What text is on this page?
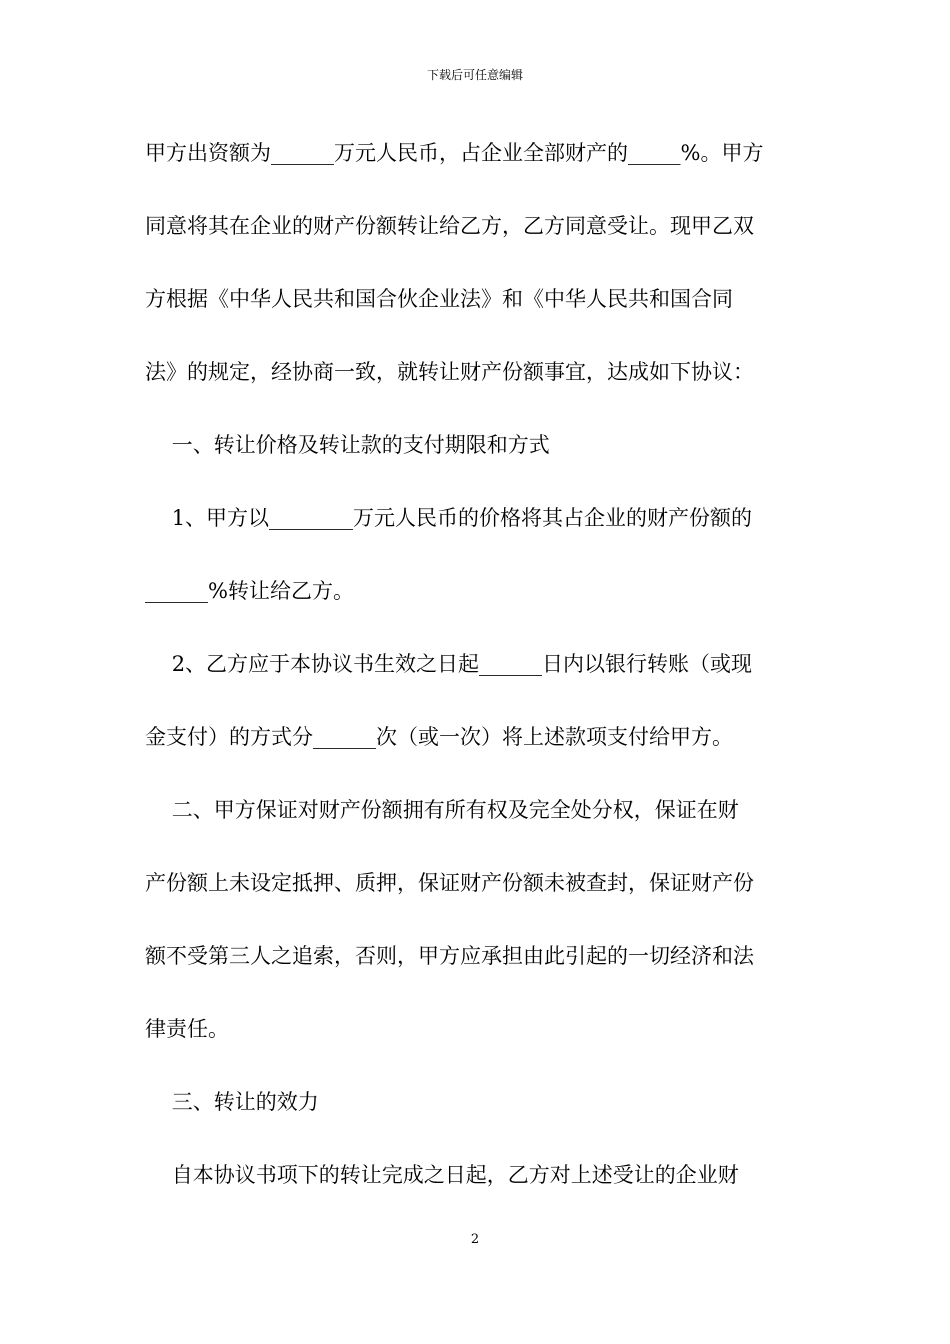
下载后可任意编辑
甲方出资额为______万元人民币，占企业全部财产的_____%。甲方
同意将其在企业的财产份额转让给乙方，乙方同意受让。现甲乙双
方根据《中华人民共和国合伙企业法》和《中华人民共和国合同
法》的规定，经协商一致，就转让财产份额事宜，达成如下协议：
一、转让价格及转让款的支付期限和方式
1、甲方以________万元人民币的价格将其占企业的财产份额的
______%转让给乙方。
2、乙方应于本协议书生效之日起______日内以银行转账（或现
金支付）的方式分______次（或一次）将上述款项支付给甲方。
二、甲方保证对财产份额拥有所有权及完全处分权，保证在财
产份额上未设定抵押、质押，保证财产份额未被查封，保证财产份
额不受第三人之追索，否则，甲方应承担由此引起的一切经济和法
律责任。
三、转让的效力
自本协议书项下的转让完成之日起，乙方对上述受让的企业财
2
